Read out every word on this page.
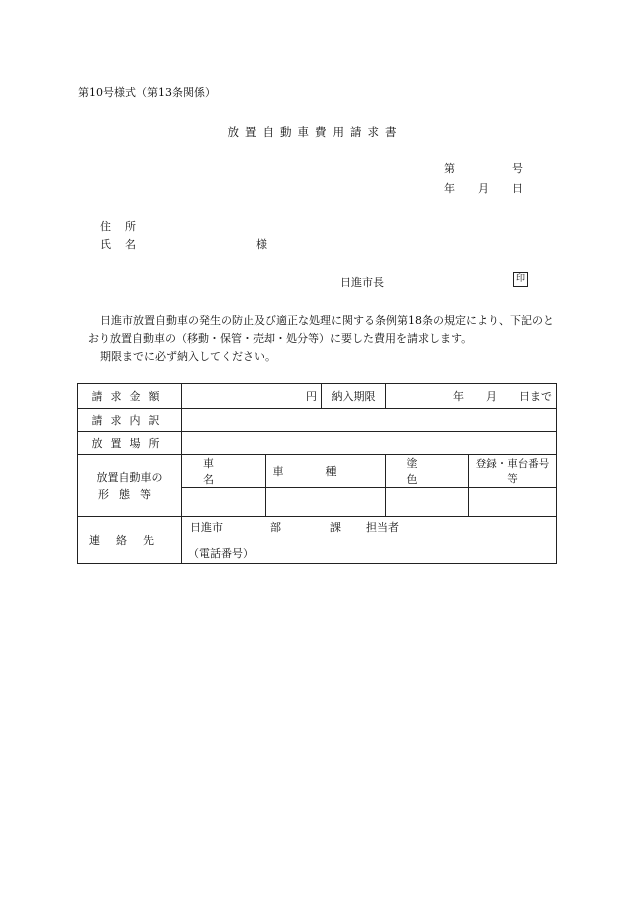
第10号様式（第13条関係）
放置自動車費用請求書
第	号
年 月 日
住所
氏名	様
日進市長	印

日進市放置自動車の発生の防止及び適正な処理に関する条例第18条の規定により、下記のとおり放置自動車の（移動・保管・売却・処分等）に要した費用を請求します。

期限までに必ず納入してください。

請求金額	円		納入期限	年 月 日まで	

請求内訳					
放置場所					

放置自動車の
形態等	車名	車種		塗色	登録・車台番号等

連絡先	日進市 部 課 担当者
（電話番号）				
